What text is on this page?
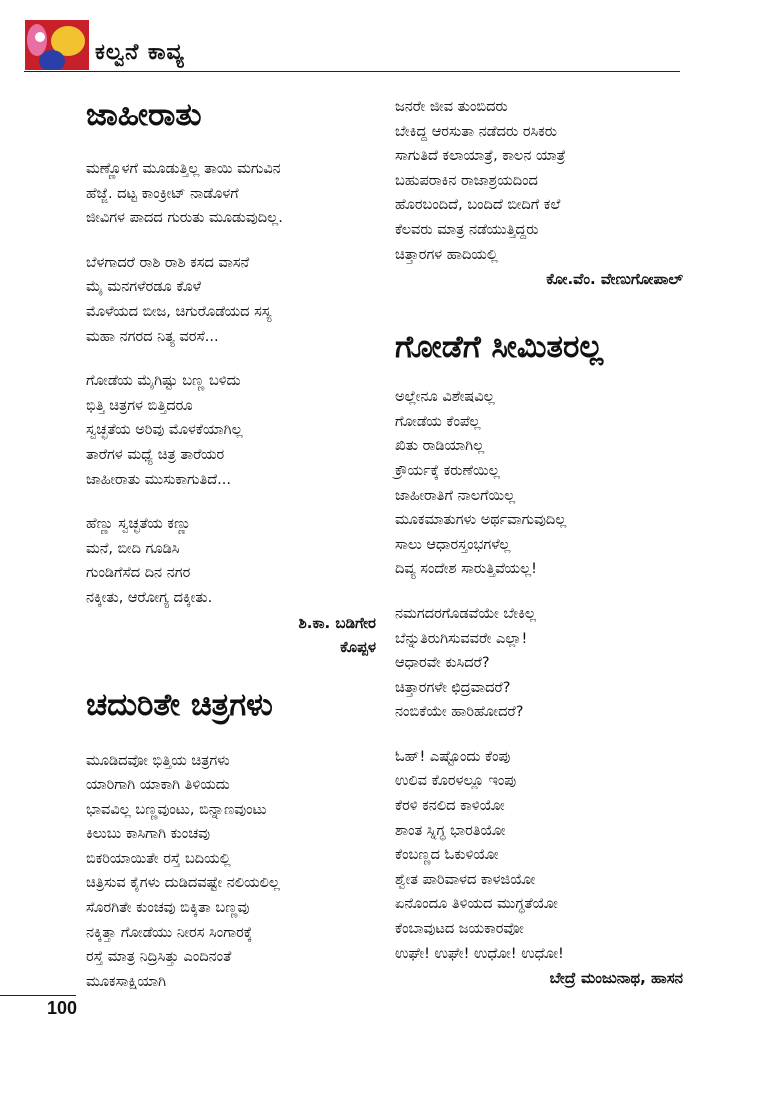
ಕಲ್ವನೆ ಕಾವ್ಯ
ಜಾಹೀರಾತು

ಮಣ್ಣೊಳಗೆ ಮೂಡುತ್ತಿಲ್ಲ ತಾಯಿ ಮಗುವಿನ

ಹೆಜ್ಜೆ. ದಟ್ಟ ಕಾಂಕ್ರೀಟ್ ನಾಡೊಳಗೆ

ಜೀವಿಗಳ ಪಾದದ ಗುರುತು ಮೂಡುವುದಿಲ್ಲ.

ಬೆಳಗಾದರೆ ರಾಶಿ ರಾಶಿ ಕಸದ ವಾಸನೆ

ಮೈ ಮನಗಳೆರಡೂ ಕೊಳೆ

ಮೊಳೆಯದ ಬೀಜ, ಚಿಗುರೊಡೆಯದ ಸಸ್ಯ

ಮಹಾ ನಗರದ ನಿತ್ಯ ವರಸೆ...

ಗೋಡೆಯ ಮೈಗಿಷ್ಟು ಬಣ್ಣ ಬಳಿದು

ಭಿತ್ತಿ ಚಿತ್ರಗಳ ಬಿತ್ತಿದರೂ

ಸ್ವಚ್ಛತೆಯ ಅರಿವು ಮೊಳಕೆಯಾಗಿಲ್ಲ

ತಾರೆಗಳ ಮಧ್ಯೆ ಚಿತ್ರ ತಾರೆಯರ

ಜಾಹೀರಾತು ಮುಸುಕಾಗುತಿದೆ...

ಹೆಣ್ಣು ಸ್ವಚ್ಛತೆಯ ಕಣ್ಣು

ಮನೆ, ಬೀದಿ ಗೂಡಿಸಿ

ಗುಂಡಿಗೆಸೆದ ದಿನ ನಗರ

ನಕ್ಕೀತು, ಆರೋಗ್ಯ ದಕ್ಕೀತು.

ಶಿ.ಕಾ. ಬಡಿಗೇರ
ಕೊಪ್ಪಳ
ಚದುರಿತೇ ಚಿತ್ರಗಳು

ಮೂಡಿದವೋ ಭಿತ್ತಿಯ ಚಿತ್ರಗಳು

ಯಾರಿಗಾಗಿ ಯಾಕಾಗಿ ತಿಳಿಯದು

ಭಾವವಿಲ್ಲ ಬಣ್ಣವುಂಟು, ಬಿನ್ನಾಣವುಂಟು

ಕಿಲುಬು ಕಾಸಿಗಾಗಿ ಕುಂಚವು

ಬಿಕರಿಯಾಯಿತೇ ರಸ್ತೆ ಬದಿಯಲ್ಲಿ

ಚಿತ್ರಿಸುವ ಕೈಗಳು ದುಡಿದವಷ್ಟೇ ನಲಿಯಲಿಲ್ಲ

ಸೊರಗಿತೇ ಕುಂಚವು ಬಿಕ್ಕಿತಾ ಬಣ್ಣವು

ನಕ್ಕಿತ್ತಾ ಗೋಡೆಯು ನೀರಸ ಸಿಂಗಾರಕ್ಕೆ

ರಸ್ತೆ ಮಾತ್ರ ನಿದ್ರಿಸಿತ್ತು ಎಂದಿನಂತೆ

ಮೂಕಸಾಕ್ಷಿಯಾಗಿ

ಜನರೇ ಜೀವ ತುಂಬಿದರು

ಬೇಕಿದ್ದ ಆರಸುತಾ ನಡೆದರು ರಸಿಕರು

ಸಾಗುತಿದೆ ಕಲಾಯಾತ್ರೆ, ಕಾಲನ ಯಾತ್ರೆ

ಬಹುಪರಾಕಿನ ರಾಜಾಶ್ರಯದಿಂದ

ಹೊರಬಂದಿದೆ, ಬಂದಿದೆ ಬೀದಿಗೆ ಕಲೆ

ಕೆಲವರು ಮಾತ್ರ ನಡೆಯುತ್ತಿದ್ದರು

ಚಿತ್ತಾರಗಳ ಹಾದಿಯಲ್ಲಿ

ಕೋ.ವೆಂ. ವೇಣುಗೋಪಾಲ್
ಗೋಡೆಗೆ ಸೀಮಿತರಲ್ಲ

ಅಲ್ಲೇನೂ ವಿಶೇಷವಿಲ್ಲ

ಗೋಡೆಯ ಕೆಂಪೆಲ್ಲ

ಖಿತು ರಾಡಿಯಾಗಿಲ್ಲ

ಕ್ರೌರ್ಯಕ್ಕೆ ಕರುಣೆಯಿಲ್ಲ

ಜಾಹೀರಾತಿಗೆ ನಾಲಗೆಯಿಲ್ಲ

ಮೂಕಮಾತುಗಳು ಅರ್ಥವಾಗುವುದಿಲ್ಲ

ಸಾಲು ಆಧಾರಸ್ತಂಭಗಳೆಲ್ಲ

ದಿವ್ಯ ಸಂದೇಶ ಸಾರುತ್ತಿವೆಯಲ್ಲ!

ನಮಗದರಗೊಡವೆಯೇ ಬೇಕಿಲ್ಲ

ಬೆನ್ನುತಿರುಗಿಸುವವರೇ ಎಲ್ಲಾ!

ಆಧಾರವೇ ಕುಸಿದರೆ?

ಚಿತ್ತಾರಗಳೇ ಛಿದ್ರವಾದರೆ?

ನಂಬಿಕೆಯೇ ಹಾರಿಹೋದರೆ?

ಓಹ್! ಎಷ್ಟೊಂದು ಕೆಂಪು

ಉಲಿವ ಕೊರಳಲ್ಲೂ ಇಂಪು

ಕೆರಳಿ ಕನಲಿದ ಕಾಳಿಯೋ

ಶಾಂತ ಸ್ನಿಗ್ಧ ಭಾರತಿಯೋ

ಕೆಂಬಣ್ಣದ ಓಕುಳಿಯೋ

ಶ್ವೇತ ಪಾರಿವಾಳದ ಕಾಳಜಿಯೋ

ಏನೊಂದೂ ತಿಳಿಯದ ಮುಗ್ಧತೆಯೋ

ಕೆಂಬಾವುಟದ ಜಯಕಾರವೋ

ಉಘೇ! ಉಘೇ! ಉಧೋ! ಉಧೋ!

ಬೇದ್ರೆ ಮಂಜುನಾಥ, ಹಾಸನ
100
